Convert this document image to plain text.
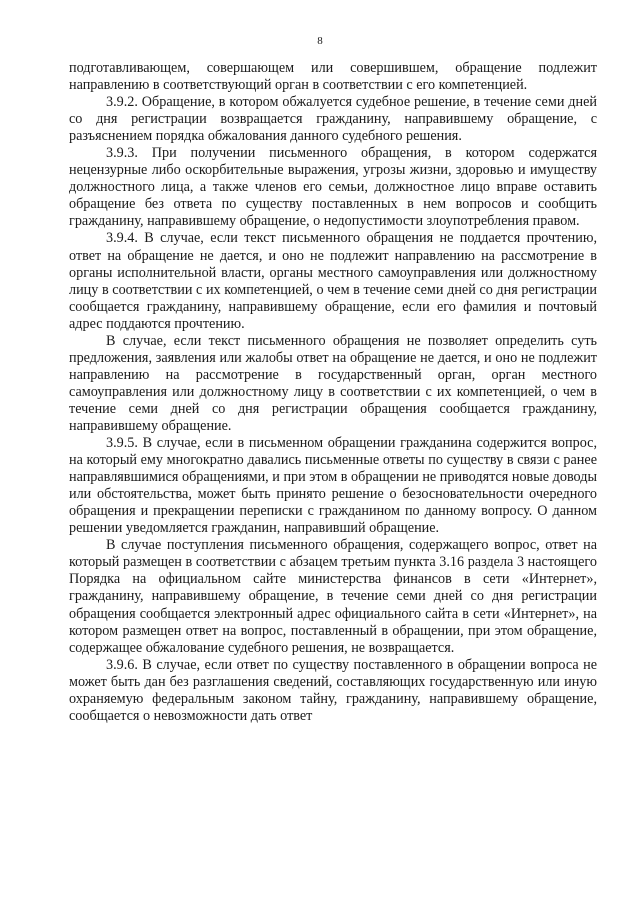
8

подготавливающем, совершающем или совершившем, обращение подлежит направлению в соответствующий орган в соответствии с его компетенцией.

3.9.2. Обращение, в котором обжалуется судебное решение, в течение семи дней со дня регистрации возвращается гражданину, направившему обращение, с разъяснением порядка обжалования данного судебного решения.

3.9.3. При получении письменного обращения, в котором содержатся нецензурные либо оскорбительные выражения, угрозы жизни, здоровью и имуществу должностного лица, а также членов его семьи, должностное лицо вправе оставить обращение без ответа по существу поставленных в нем вопросов и сообщить гражданину, направившему обращение, о недопустимости злоупотребления правом.

3.9.4. В случае, если текст письменного обращения не поддается прочтению, ответ на обращение не дается, и оно не подлежит направлению на рассмотрение в органы исполнительной власти, органы местного самоуправления или должностному лицу в соответствии с их компетенцией, о чем в течение семи дней со дня регистрации сообщается гражданину, направившему обращение, если его фамилия и почтовый адрес поддаются прочтению.

В случае, если текст письменного обращения не позволяет определить суть предложения, заявления или жалобы ответ на обращение не дается, и оно не подлежит направлению на рассмотрение в государственный орган, орган местного самоуправления или должностному лицу в соответствии с их компетенцией, о чем в течение семи дней со дня регистрации обращения сообщается гражданину, направившему обращение.

3.9.5. В случае, если в письменном обращении гражданина содержится вопрос, на который ему многократно давались письменные ответы по существу в связи с ранее направлявшимися обращениями, и при этом в обращении не приводятся новые доводы или обстоятельства, может быть принято решение о безосновательности очередного обращения и прекращении переписки с гражданином по данному вопросу. О данном решении уведомляется гражданин, направивший обращение.

В случае поступления письменного обращения, содержащего вопрос, ответ на который размещен в соответствии с абзацем третьим пункта 3.16 раздела 3 настоящего Порядка на официальном сайте министерства финансов в сети «Интернет», гражданину, направившему обращение, в течение семи дней со дня регистрации обращения сообщается электронный адрес официального сайта в сети «Интернет», на котором размещен ответ на вопрос, поставленный в обращении, при этом обращение, содержащее обжалование судебного решения, не возвращается.

3.9.6. В случае, если ответ по существу поставленного в обращении вопроса не может быть дан без разглашения сведений, составляющих государственную или иную охраняемую федеральным законом тайну, гражданину, направившему обращение, сообщается о невозможности дать ответ
